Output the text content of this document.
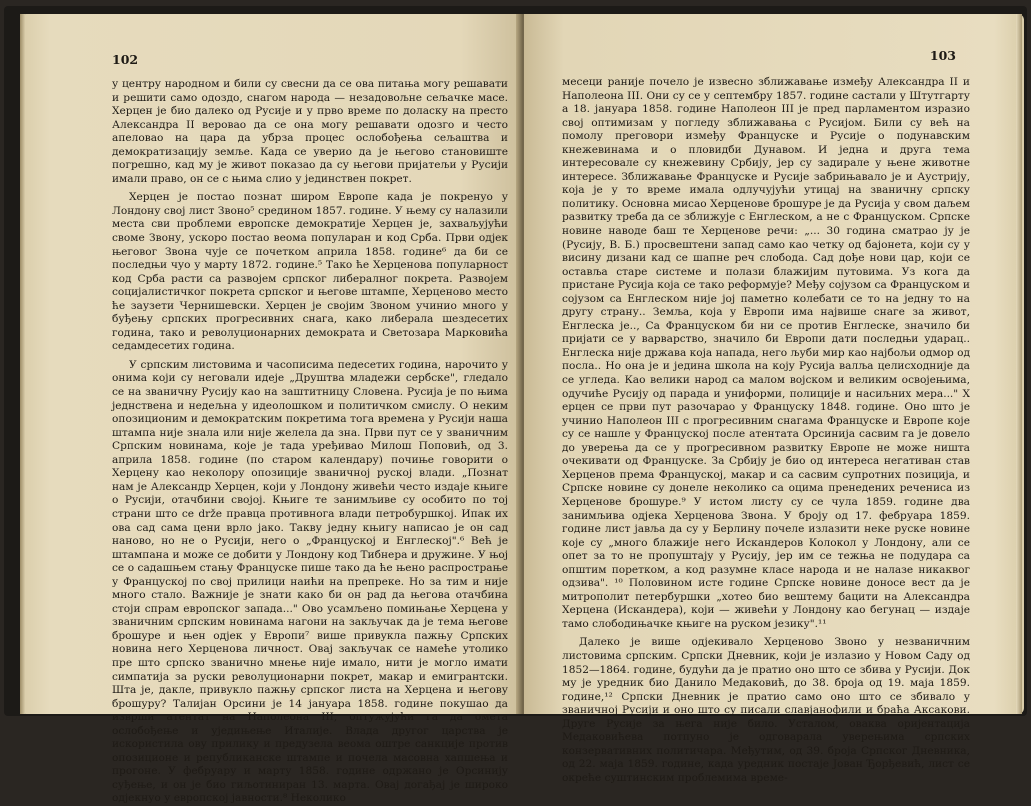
102

у центру народном и били су свесни да се ова питања могу решавати и решити само одоздо, снагом народа — незадовољне сељачке масе. Херцен је био далеко од Русије и у прво време по доласку на престо Александра II веровао да се она могу решавати одозго и често апеловао на цара да убрза процес ослобођења сељаштва и демократизацију земље. Када се уверио да је његово становиште погрешно, кад му је живот показао да су његови пријатељи у Русији имали право, он се с њима слио у јединствен покрет.

Херцен је постао познат широм Европе када је покренуо у Лондону свој лист Звоно⁵ средином 1857. године. У њему су налазили места сви проблеми европске демократије Херцен је, захваљујући своме Звону, ускоро постао веома популаран и код Срба. Први одјек његовог Звона чује се почетком априла 1858. године⁶ да би се последњи чуо у марту 1872. године.⁵ Тако ће Херценова популарност код Срба расти са развојем српског либералног покрета. Развојем социјалистичког покрета српског и његове штампе, Херценово место ће заузети Чернишевски. Херцен је својим Звоном учинио много у буђењу српских прогресивних снага, како либерала шездесетих година, тако и револуционарних демократа и Светозара Марковића седамдесетих година.

У српским листовима и часописима педесетих година, нарочито у онима који су неговали идеје „Друштва младежи сербске", гледало се на званичну Русију као на заштитницу Словена. Русија је по њима једнствена и недељна у идеолошком и политичком смислу. О неким опозиционим и демократским покретима тога времена у Русији наша штампа није знала или није желела да зна. Први пут се у званичним Српским новинама, које је тада уређивао Милош Поповић, од 3. априла 1858. године (по старом календару) почиње говорити о Херцену као неколору опозиције званичној руској влади. „Познат нам је Александр Херцен, који у Лондону живећи често издаје књиге о Русији, отачбини својој. Књиге те занимљиве су особито по тој страни што се držе правца противнога влади петробуршкој. Ипак их ова сад сама цени врло јако. Такву једну књигу написао је он сад нанoво, но не о Русији, него о „Француској и Енглеској".⁶ Већ је штампана и може се добити у Лондону код Тибнера и дружине. У њој се о садашњем стању Француске пише тако да ће њено распрострање у Француској по свој прилици наићи на препреке. Но за тим и није много стало. Важније је знати како би он рад да његова отачбина стоји спрам европског запада..." Ово усамљено помињање Херцена у званичним српским новинама нагони на закључак да је тема његове брошуре и њен одјек у Европи⁷ више привукла пажњу Српских новина него Херценова личност. Овај закључак се намеће утолико пре што српско званично мнење није имало, нити је могло имати симпатија за руски револуционарни покрет, макар и емигрантски. Шта је, дакле, привукло пажњу српског листа на Херцена и његову брошуру? Талијан Орсини је 14 јануара 1858. године покушао да изврши атентат на Наполеона III, оптужујући га да омета ослобођење и уједињење Италије. Влада другог царства је искористила ову прилику и предузела веома оштре санкције против опозиционе и републиканске штампе и почела масовна хапшења и прогоне. У фебруару и марту 1858. године одржано је Орсинију суђење, и он је био гиљотиниран 13. марта. Овај догађај је широко одјекнуо у европској јавности.⁸ Неколико

103

месеци раније почело је извесно зближавање између Александра II и Наполеона III. Они су се у септембру 1857. године састали у Штутгарту а 18. јануара 1858. године Наполеон III је пред парламентом изразио свој оптимизам у погледу зближавања с Русијом. Били су већ на помолу преговори између Француске и Русије о подунавским кнежевинама и о пловидби Дунавом. И једна и друга тема интересовале су кнежевину Србију, јер су задирале у њене животне интересе. Зближавање Француске и Русије забрињавало је и Аустрију, која је у то време имала одлучујући утицај на званичну српску политику. Основна мисао Херценове брошуре је да Русија у свом даљем развитку треба да се зближује с Енглеском, а не с Француском. Српске новине наводе баш те Херценове речи: „... 30 година сматрао ју је (Русију, В. Б.) просвештени запад само као четку од бајонета, који су у висину дизани кад се шапне реч слобода. Сад дође нови цар, који се оставља старе системе и полази блажијим путовима. Уз кога да пристане Русија која се тако реформује? Међу сојузом са Француском и сојузом са Енглеском није јој паметно колебати се то на једну то на другу страну.. Земља, која у Европи има највише снаге за живот, Енглеска је.., Са Француском би ни се против Енглеске, значило би пријати се у варварство, значило би Европи дати последњи ударац.. Енглеска није држава која напада, него љуби мир као најбољи одмор од посла.. Но она је и једина школа на коју Русија валља целисходније да се угледа. Као велики народ са малом војском и великим освојењима, одучиће Русију од парада и униформи, полиције и насиљних мера..." Х ерцен се први пут разочарао у Француску 1848. године. Оно што је учинио Наполеон III с прогресивним снагама Француске и Европе које су се нашле у Француској после атентата Орсинија сасвим га је довело до уверења да се у прогресивном развитку Европе не може ништа очекивати од Француске. За Србију је био од интереса негативан став Херценов према Француској, макар и са сасвим супротних позиција, и Српске новине су донеле неколико са оцима пренедених речениса из Херценове брошуре.⁹ У истом листу су се чула 1859. године два занимљива одјека Херценова Звона. У броју од 17. фебруара 1859. године лист јавља да су у Берлину почеле излазити неке руске новине које су „много блажије него Искандеров Колокол у Лондону, али се опет за то не пропуштају у Русију, јер им се тежња не подудара са општим поретком, а код разумне класе народа и не налазе никаквог одзива". ¹⁰ Половином исте године Српске новине доносе вест да је митрополит петербуршки „хотео био вештему бацити на Александра Херцена (Искандера), који — живећи у Лондону као бегунац — издаје тамо слободињачке књиге на руском језику".¹¹

Далеко је више одјекивало Херценово Звоно у незваничним листовима српским. Српски Дневник, који је излазио у Новом Саду од 1852—1864. године, будући да је пратио оно што се збива у Русији. Док му је уредник био Данило Медаковић, до 38. броја од 19. маја 1859. године,¹² Српски Дневник је пратио само оно што се збивало у званичној Русији и оно што су писали славјанофили и браћа Аксакови. Друге Русије за њега није било. Усталом, оваква оријентација Медаковићева потпуно је одговарала уверењима српских конзервативних политичара. Међутим, од 39. броја Српског Дневника, од 22. маја 1859. године, када уредник постаје Јован Ђорђевић, лист се окреће суштинским проблемима време-
